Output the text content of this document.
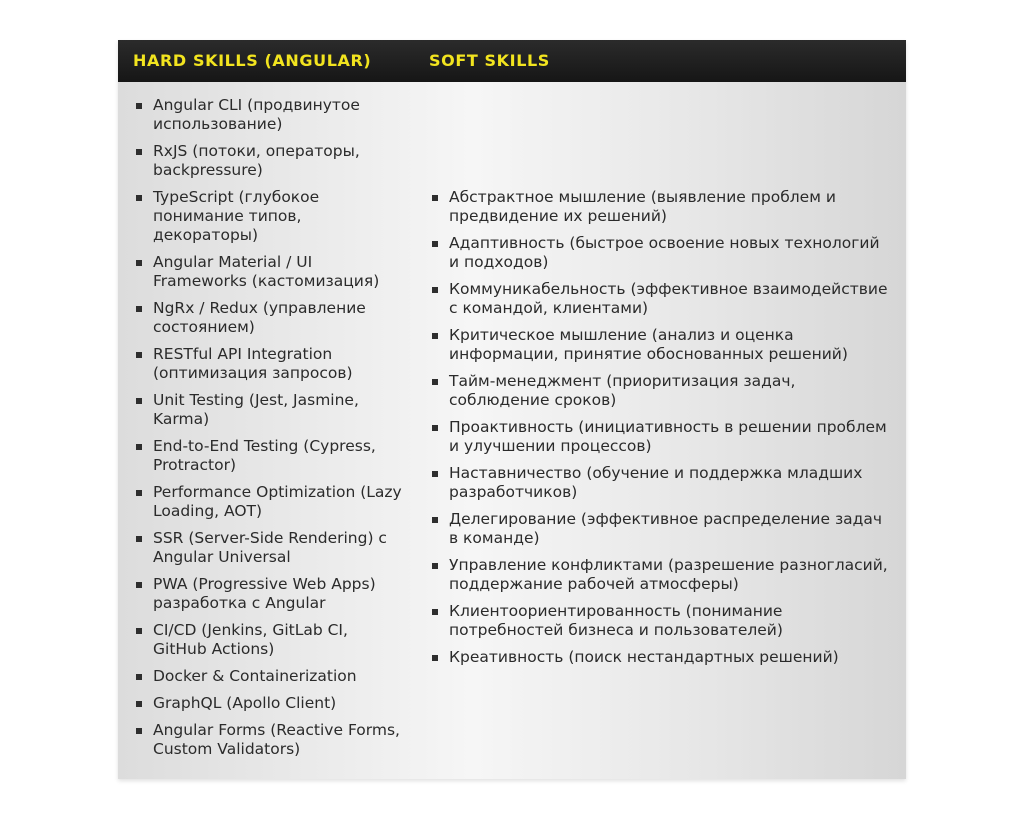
HARD SKILLS (ANGULAR)	SOFT SKILLS
Angular CLI (продвинутое использование)
RxJS (потоки, операторы, backpressure)
TypeScript (глубокое понимание типов, декораторы)
Angular Material / UI Frameworks (кастомизация)
NgRx / Redux (управление состоянием)
RESTful API Integration (оптимизация запросов)
Unit Testing (Jest, Jasmine, Karma)
End-to-End Testing (Cypress, Protractor)
Performance Optimization (Lazy Loading, AOT)
SSR (Server-Side Rendering) с Angular Universal
PWA (Progressive Web Apps) разработка с Angular
CI/CD (Jenkins, GitLab CI, GitHub Actions)
Docker & Containerization
GraphQL (Apollo Client)
Angular Forms (Reactive Forms, Custom Validators)
Абстрактное мышление (выявление проблем и предвидение их решений)
Адаптивность (быстрое освоение новых технологий и подходов)
Коммуникабельность (эффективное взаимодействие с командой, клиентами)
Критическое мышление (анализ и оценка информации, принятие обоснованных решений)
Тайм-менеджмент (приоритизация задач, соблюдение сроков)
Проактивность (инициативность в решении проблем и улучшении процессов)
Наставничество (обучение и поддержка младших разработчиков)
Делегирование (эффективное распределение задач в команде)
Управление конфликтами (разрешение разногласий, поддержание рабочей атмосферы)
Клиентоориентированность (понимание потребностей бизнеса и пользователей)
Креативность (поиск нестандартных решений)
